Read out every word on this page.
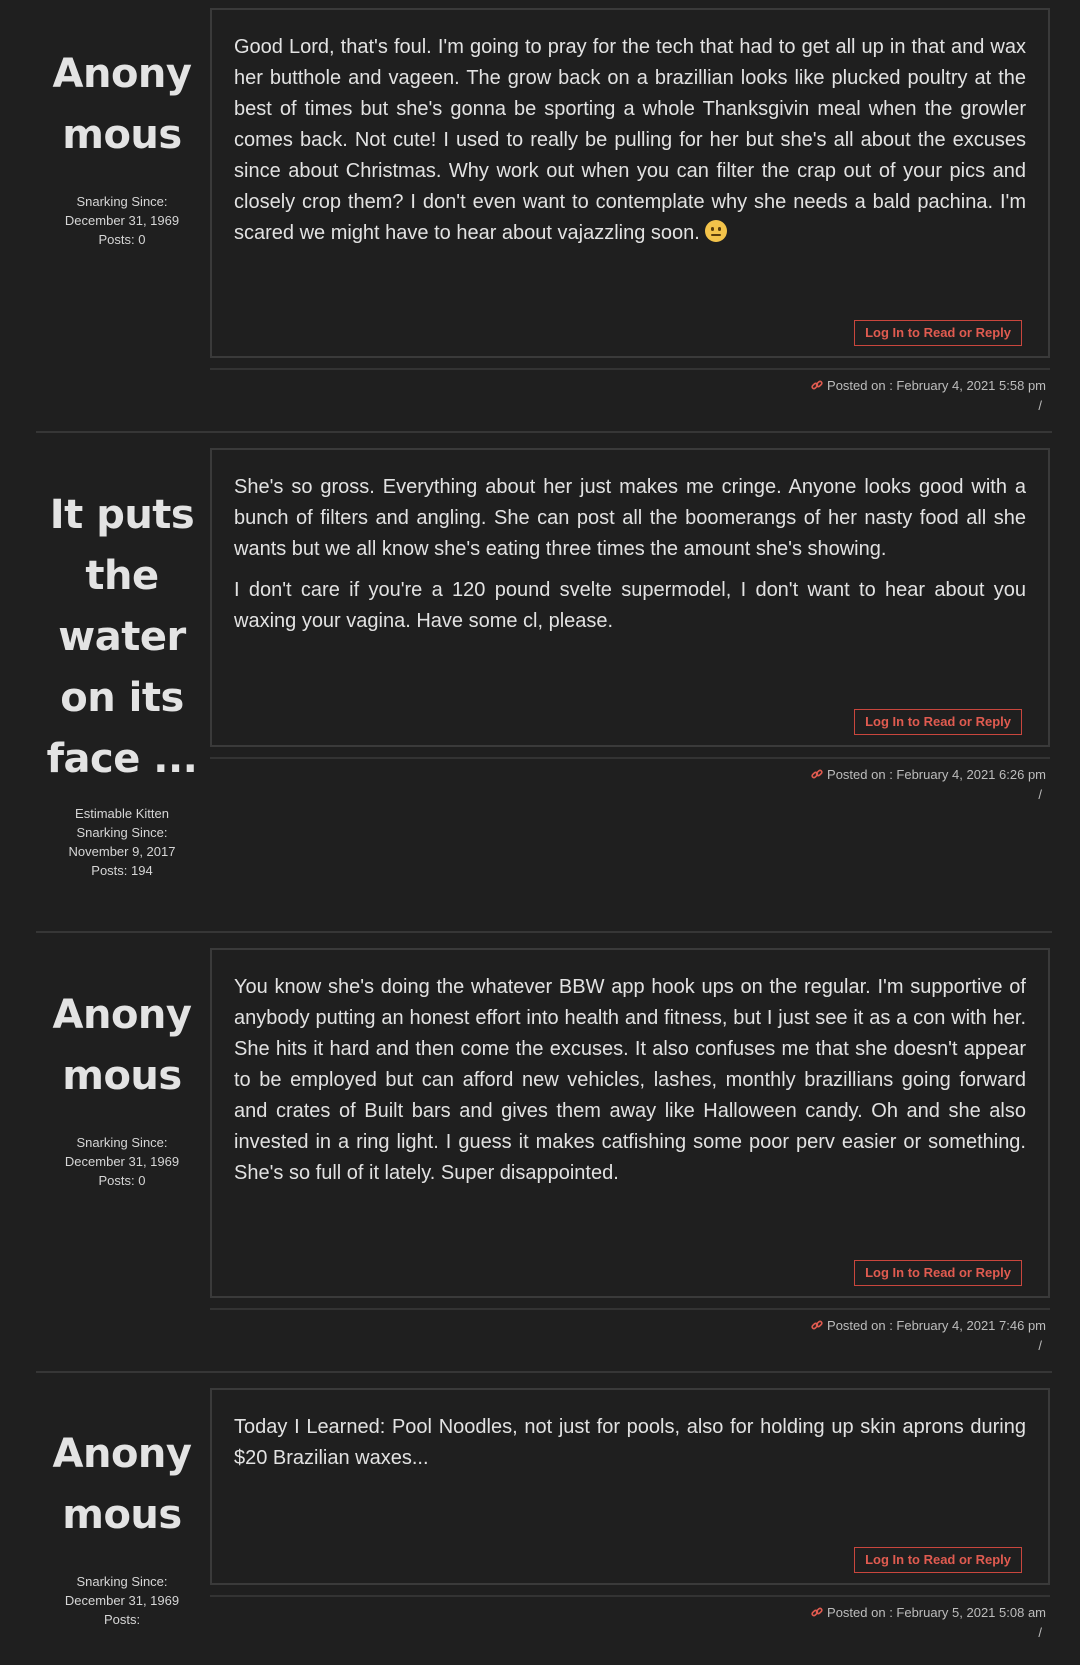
Anonymous
Snarking Since:
December 31, 1969
Posts: 0

Good Lord, that's foul. I'm going to pray for the tech that had to get all up in that and wax her butthole and vageen. The grow back on a brazillian looks like plucked poultry at the best of times but she's gonna be sporting a whole Thanksgivin meal when the growler comes back. Not cute! I used to really be pulling for her but she's all about the excuses since about Christmas. Why work out when you can filter the crap out of your pics and closely crop them? I don't even want to contemplate why she needs a bald pachina. I'm scared we might have to hear about vajazzling soon.

Log In to Read or Reply
Posted on : February 4, 2021 5:58 pm
/
It puts the water on its face ...
Estimable Kitten
Snarking Since:
November 9, 2017
Posts: 194

She's so gross. Everything about her just makes me cringe. Anyone looks good with a bunch of filters and angling. She can post all the boomerangs of her nasty food all she wants but we all know she's eating three times the amount she's showing.

I don't care if you're a 120 pound svelte supermodel, I don't want to hear about you waxing your vagina. Have some cl, please.

Log In to Read or Reply
Posted on : February 4, 2021 6:26 pm
/
Anonymous
Snarking Since:
December 31, 1969
Posts: 0

You know she's doing the whatever BBW app hook ups on the regular. I'm supportive of anybody putting an honest effort into health and fitness, but I just see it as a con with her. She hits it hard and then come the excuses. It also confuses me that she doesn't appear to be employed but can afford new vehicles, lashes, monthly brazillians going forward and crates of Built bars and gives them away like Halloween candy. Oh and she also invested in a ring light. I guess it makes catfishing some poor perv easier or something. She's so full of it lately. Super disappointed.

Log In to Read or Reply
Posted on : February 4, 2021 7:46 pm
/
Anonymous
Snarking Since:
December 31, 1969
Posts:

Today I Learned: Pool Noodles, not just for pools, also for holding up skin aprons during $20 Brazilian waxes...

Log In to Read or Reply
Posted on : February 5, 2021 5:08 am
/
